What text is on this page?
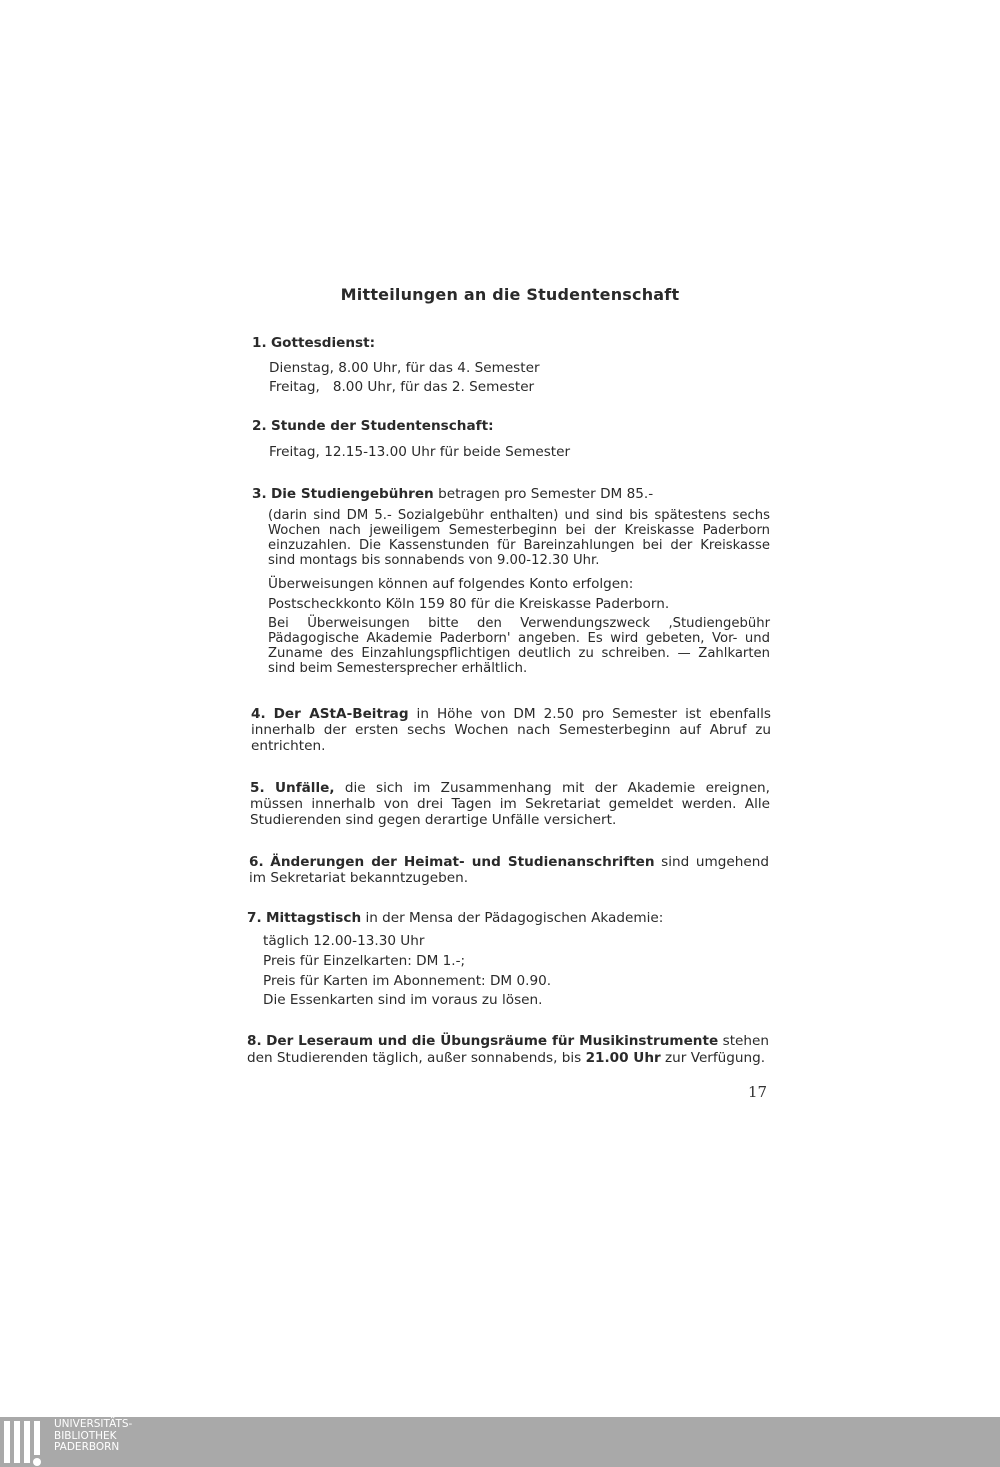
Mitteilungen an die Studentenschaft
1. Gottesdienst:
Dienstag, 8.00 Uhr, für das 4. Semester
Freitag,   8.00 Uhr, für das 2. Semester
2. Stunde der Studentenschaft:
Freitag, 12.15-13.00 Uhr für beide Semester
3. Die Studiengebühren betragen pro Semester DM 85.-
(darin sind DM 5.- Sozialgebühr enthalten) und sind bis spätestens sechs Wochen nach jeweiligem Semesterbeginn bei der Kreiskasse Paderborn einzuzahlen. Die Kassenstunden für Bareinzahlungen bei der Kreiskasse sind montags bis sonnabends von 9.00-12.30 Uhr.
Überweisungen können auf folgendes Konto erfolgen:
Postscheckkonto Köln 159 80 für die Kreiskasse Paderborn.
Bei Überweisungen bitte den Verwendungszweck ‚Studiengebühr Pädagogische Akademie Paderborn' angeben. Es wird gebeten, Vor- und Zuname des Einzahlungspflichtigen deutlich zu schreiben. — Zahlkarten sind beim Semestersprecher erhältlich.
4. Der AStA-Beitrag in Höhe von DM 2.50 pro Semester ist ebenfalls innerhalb der ersten sechs Wochen nach Semesterbeginn auf Abruf zu entrichten.
5. Unfälle, die sich im Zusammenhang mit der Akademie ereignen, müssen innerhalb von drei Tagen im Sekretariat gemeldet werden. Alle Studierenden sind gegen derartige Unfälle versichert.
6. Änderungen der Heimat- und Studienanschriften sind umgehend im Sekretariat bekanntzugeben.
7. Mittagstisch in der Mensa der Pädagogischen Akademie:
täglich 12.00-13.30 Uhr
Preis für Einzelkarten: DM 1.-;
Preis für Karten im Abonnement: DM 0.90.
Die Essenkarten sind im voraus zu lösen.
8. Der Leseraum und die Übungsräume für Musikinstrumente stehen den Studierenden täglich, außer sonnabends, bis 21.00 Uhr zur Verfügung.
17
UNIVERSITÄTS-
BIBLIOTHEK
PADERBORN
